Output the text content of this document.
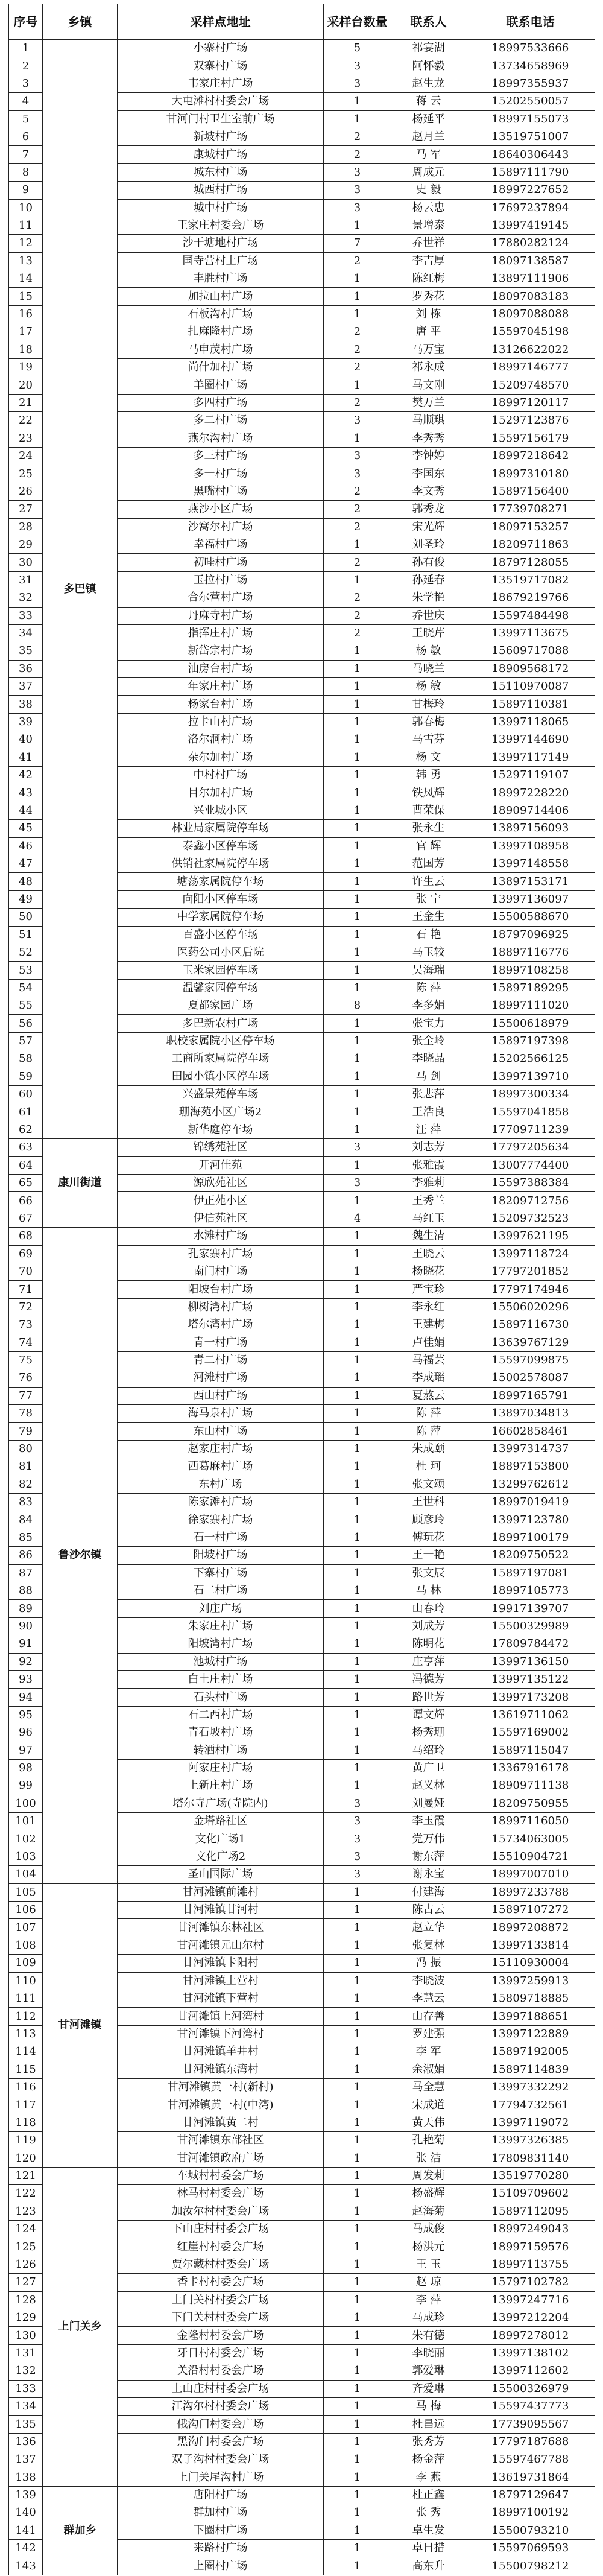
序号	乡镇	采样点地址	采样台数量	联系人	联系电话
1	多巴镇	小寨村广场	5	祁宴湖	18997533666
2		双寨村广场	3	阿怀毅	13734658969
3		韦家庄村广场	3	赵生龙	18997355937
4		大屯滩村村委会广场	1	蒋 云	15202550057
5		甘河门村卫生室前广场	1	杨延平	18997155073
6		新坡村广场	2	赵月兰	13519751007
7		康城村广场	2	马 军	18640306443
8		城东村广场	3	周成元	15897111790
9		城西村广场	3	史 毅	18997227652
10		城中村广场	3	杨云忠	17697237894
11		王家庄村委会广场	1	景增泰	13997419145
12		沙干塘地村广场	7	乔世祥	17880282124
13		国寺营村上广场	2	李吉厚	18097138587
14		丰胜村广场	1	陈红梅	13897111906
15		加拉山村广场	1	罗秀花	18097083183
16		石板沟村广场	1	刘 栋	18097088088
17		扎麻隆村广场	2	唐 平	15597045198
18		马申茂村广场	2	马万宝	13126622022
19		尚什加村广场	2	祁永成	18997146777
20		羊圈村广场	1	马文刚	15209748570
21		多四村广场	2	樊万兰	18997120117
22		多二村广场	3	马顺琪	15297123876
23		燕尔沟村广场	1	李秀秀	15597156179
24		多三村广场	3	李钟婷	18997218642
25		多一村广场	3	李国东	18997310180
26		黑嘴村广场	2	李文秀	15897156400
27		燕沙小区广场	2	郭秀龙	17739708271
28		沙窝尔村广场	2	宋光辉	18097153257
29		幸福村广场	1	刘圣玲	18209711863
30		初哇村广场	2	孙有俊	18797128055
31		玉拉村广场	1	孙延春	13519717082
32		合尔营村广场	2	朱学艳	18679219766
33		丹麻寺村广场	2	乔世庆	15597484498
34		指挥庄村广场	2	王晓芹	13997113675
35		新岱宗村广场	1	杨 敏	15609717088
36		油房台村广场	1	马晓兰	18909568172
37		年家庄村广场	1	杨 敏	15110970087
38		杨家台村广场	1	甘梅玲	15897110381
39		拉卡山村广场	1	郭春梅	13997118065
40		洛尔洞村广场	1	马雪芬	13997144690
41		杂尔加村广场	1	杨 文	13997117149
42		中村村广场	1	韩 勇	15297119107
43		目尔加村广场	1	铁凤辉	18997228220
44		兴业城小区	1	曹荣保	18909714406
45		林业局家属院停车场	1	张永生	13897156093
46		泰鑫小区停车场	1	官 辉	13997108958
47		供销社家属院停车场	1	范国芳	13997148558
48		塘荡家属院停车场	1	许生云	13897153171
49		向阳小区停车场	1	张 宁	13997136097
50		中学家属院停车场	1	王金生	15500588670
51		百盛小区停车场	1	石 艳	18797096925
52		医药公司小区后院	1	马玉较	18897116776
53		玉米家园停车场	1	吴海瑞	18997108258
54		温馨家园停车场	1	陈 萍	15897189295
55		夏都家园广场	8	李多娟	18997111020
56		多巴新农村广场	1	张宝力	15500618979
57		职校家属院小区停车场	1	张全岭	15897197398
58		工商所家属院停车场	1	李晓晶	15202566125
59		田园小镇小区停车场	1	马 剑	13997139710
60		兴盛景苑停车场	1	张悲萍	18997300334
61		珊海苑小区广场2	1	王浩良	15597041858
62		新华庭停车场	1	汪 萍	17709711239
63	康川街道	锦绣苑社区	3	刘志芳	17797205634
64		开河佳苑	1	张雅霞	13007774400
65		源欣苑社区	3	李雅莉	15597388384
66		伊正苑小区	1	王秀兰	18209712756
67		伊信苑社区	4	马红玉	15209732523
68	鲁沙尔镇	水滩村广场	1	魏生清	13997621195
69		孔家寨村广场	1	王晓云	13997118724
70		南门村广场	1	杨晓花	17797201852
71		阳坡台村广场	1	严宝珍	17797174946
72		柳树湾村广场	1	李永红	15506020296
73		塔尔湾村广场	1	王建梅	15897116730
74		青一村广场	1	卢佳娟	13639767129
75		青二村广场	1	马福芸	15597099875
76		河滩村广场	1	李成瑶	15002578087
77		西山村广场	1	夏熬云	18997165791
78		海马泉村广场	1	陈 萍	13897034813
79		东山村广场	1	陈 萍	16602858461
80		赵家庄村广场	1	朱成颐	13997314737
81		西葛麻村广场	1	杜 珂	18897153800
82		东村广场	1	张文颂	13299762612
83		陈家滩村广场	1	王世科	18997019419
84		徐家寨村广场	1	顾彦玲	13997123780
85		石一村广场	1	傅玩花	18997100179
86		阳坡村广场	1	王一艳	18209750522
87		下寨村广场	1	张文辰	15897197081
88		石二村广场	1	马 林	18997105773
89		刘庄广场	1	山春玲	19917139707
90		朱家庄村广场	1	刘成芳	15500329989
91		阳坡湾村广场	1	陈明花	17809784472
92		池城村广场	1	庄亨萍	13997136150
93		白土庄村广场	1	冯德芳	13997135122
94		石头村广场	1	路世芳	13997173208
95		石二西村广场	1	谭文辉	13619711062
96		青石坡村广场	1	杨秀珊	15597169002
97		转洒村广场	1	马绍玲	15897115047
98		阿家庄村广场	1	黄广卫	13367916178
99		上新庄村广场	1	赵义林	18909711138
100		塔尔寺广场(寺院内)	3	刘曼娅	18209750955
101		金塔路社区	3	李玉霞	18997116050
102		文化广场1	3	党万伟	15734063005
103		文化广场2	3	谢东萍	15510904721
104		圣山国际广场	3	谢永宝	18997007010
105	甘河滩镇	甘河滩镇前滩村	1	付建海	18997233788
106		甘河滩镇甘河村	1	陈占云	15897107272
107		甘河滩镇东林社区	1	赵立华	18997208872
108		甘河滩镇元山尔村	1	张复林	13997133814
109		甘河滩镇卡阳村	1	冯 振	15110930004
110		甘河滩镇上营村	1	李晓波	13997259913
111		甘河滩镇下营村	1	李慧云	15809718885
112		甘河滩镇上河湾村	1	山存善	13997188651
113		甘河滩镇下河湾村	1	罗建强	13997122889
114		甘河滩镇羊井村	1	李 军	15897192005
115		甘河滩镇东湾村	1	余淑娟	15897114839
116		甘河滩镇黄一村(新村)	1	马全慧	13997332292
117		甘河滩镇黄一村(中湾)	1	宋成道	17794732561
118		甘河滩镇黄二村	1	黄天伟	13997119072
119		甘河滩镇东部社区	1	孔艳菊	13997326385
120		甘河滩镇政府广场	1	张 洁	17809831140
121	上门关乡	车城村村委会广场	1	周发莉	13519770280
122		林马村村委会广场	1	杨盛辉	15109709602
123		加汝尔村村委会广场	1	赵海菊	15897112095
124		下山庄村村委会广场	1	马成俊	18997249043
125		红崖村村委会广场	1	杨洪元	18997159576
126		贾尔藏村村委会广场	1	王 玉	18997113755
127		香卡村村委会广场	1	赵 琼	15797102782
128		上门关村村委会广场	1	李 萍	13997247716
129		下门关村村委会广场	1	马成珍	13997212204
130		金隆村村委会广场	1	朱有德	18997278012
131		牙日村村委会广场	1	李晓丽	13997138102
132		关沿村村委会广场	1	郭爱琳	13997112602
133		上山庄村村委会广场	1	齐爱琳	15500326979
134		江沟尔村村委会广场	1	马 梅	15597437773
135		俄沟门村委会广场	1	杜昌远	17739095567
136		黑沟门村委会广场	1	张秀芳	17797187688
137		双子沟村村委会广场	1	杨金萍	15597467788
138		上门关尾沟村广场	1	李 燕	13619731864
139	群加乡	唐阳村广场	1	杜正鑫	18797129647
140		群加村广场	1	张 秀	18997100192
141		下圈村广场	1	卓生发	15500793210
142		来路村广场	1	卓日措	15597069593
143		上圈村广场	1	高东升	15500798212
